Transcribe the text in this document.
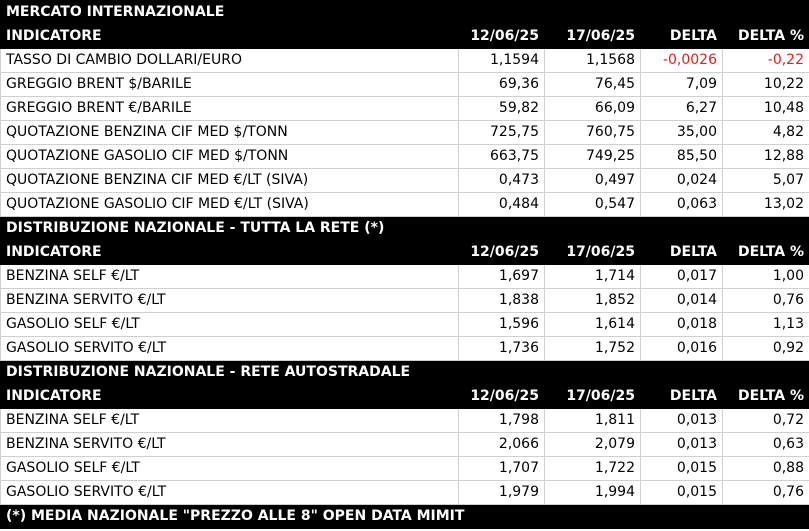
MERCATO INTERNAZIONALE				
INDICATORE	12/06/25	17/06/25	DELTA	DELTA %
TASSO DI CAMBIO DOLLARI/EURO	1,1594	1,1568	-0,0026	-0,22
GREGGIO BRENT $/BARILE	69,36	76,45	7,09	10,22
GREGGIO BRENT €/BARILE	59,82	66,09	6,27	10,48
QUOTAZIONE BENZINA CIF MED $/TONN	725,75	760,75	35,00	4,82
QUOTAZIONE GASOLIO CIF MED $/TONN	663,75	749,25	85,50	12,88
QUOTAZIONE BENZINA CIF MED €/LT (SIVA)	0,473	0,497	0,024	5,07
QUOTAZIONE GASOLIO CIF MED €/LT (SIVA)	0,484	0,547	0,063	13,02
DISTRIBUZIONE NAZIONALE - TUTTA LA RETE (*)				
INDICATORE	12/06/25	17/06/25	DELTA	DELTA %
BENZINA SELF €/LT	1,697	1,714	0,017	1,00
BENZINA SERVITO €/LT	1,838	1,852	0,014	0,76
GASOLIO SELF €/LT	1,596	1,614	0,018	1,13
GASOLIO SERVITO €/LT	1,736	1,752	0,016	0,92
DISTRIBUZIONE NAZIONALE - RETE AUTOSTRADALE				
INDICATORE	12/06/25	17/06/25	DELTA	DELTA %
BENZINA SELF €/LT	1,798	1,811	0,013	0,72
BENZINA SERVITO €/LT	2,066	2,079	0,013	0,63
GASOLIO SELF €/LT	1,707	1,722	0,015	0,88
GASOLIO SERVITO €/LT	1,979	1,994	0,015	0,76
(*) MEDIA NAZIONALE "PREZZO ALLE 8" OPEN DATA MIMIT				
